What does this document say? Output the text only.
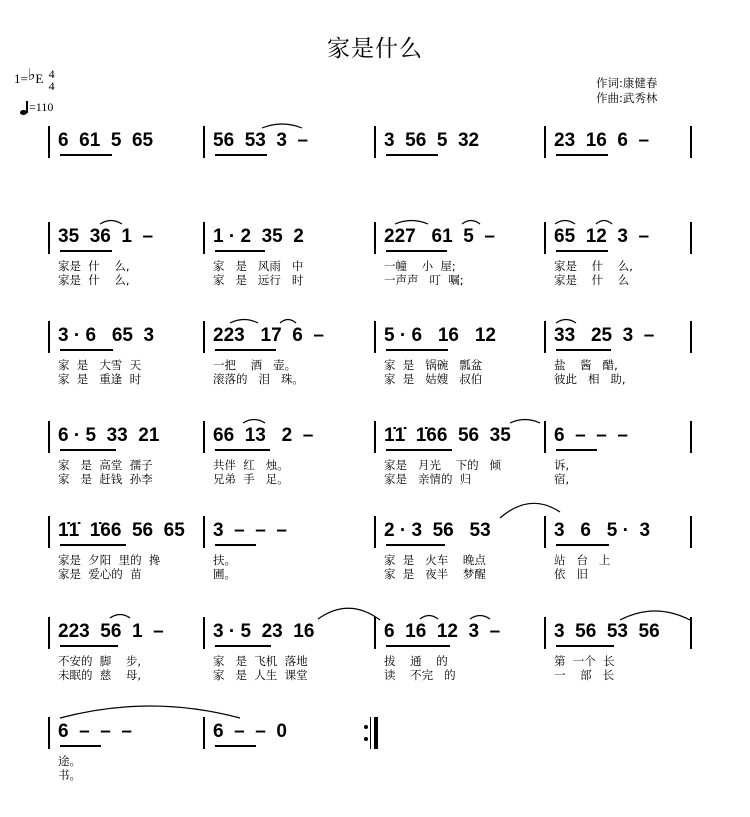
家是什么
作词:康健春
作曲:武秀林
1=♭E 4
4
=110
6  61  5  65	56  53  3  –	3  56  5  32	23  16  6  –
35  36  1  –
家是  什    么,
家是  什    么,
1 · 2  35  2
家   是   风雨   中
家   是   远行   时
227   61  5  –
一幢    小  屋;
一声声   叮  嘱;
65  12  3  –
家是    什    么,
家是    什    么
3 · 6   65  3
家  是   大雪  天
家  是   重逢  时
223   17  6  –
一把    酒   壶。
滚落的   泪   珠。
5 · 6   16   12
家  是   锅碗   瓢盆
家  是   姑嫂   叔伯
33   25  3  –
盐    酱   醋,
彼此   相   助,
6 · 5  33  21
家   是  高堂  孺子
家   是  赶钱  孙李
66  13   2  –
共伴  红   烛。
兄弟  手   足。
1̇1̇  1̇66  56  35
家是   月光    下的   倾
家是   亲情的  归
6  –  –  –
诉,
宿,
1̇1̇  1̇66  56  65
家是  夕阳  里的  搀
家是  爱心的  苗
3  –  –  –
扶。
圃。
2 · 3  56   53
家  是   火车    晚点
家  是   夜半    梦醒
3   6   5 ·  3
站   台   上
依   旧
223  56  1  –
不安的  脚    步,
未眠的  慈    母,
3 · 5  23  16
家   是  飞机  落地
家   是  人生  课堂
6  16  12  3  –
拔    通    的
读    不完   的
3  56  53  56
第  一个  长
一    部   长
6  –  –  –
途。
书。
6  –  –  0
